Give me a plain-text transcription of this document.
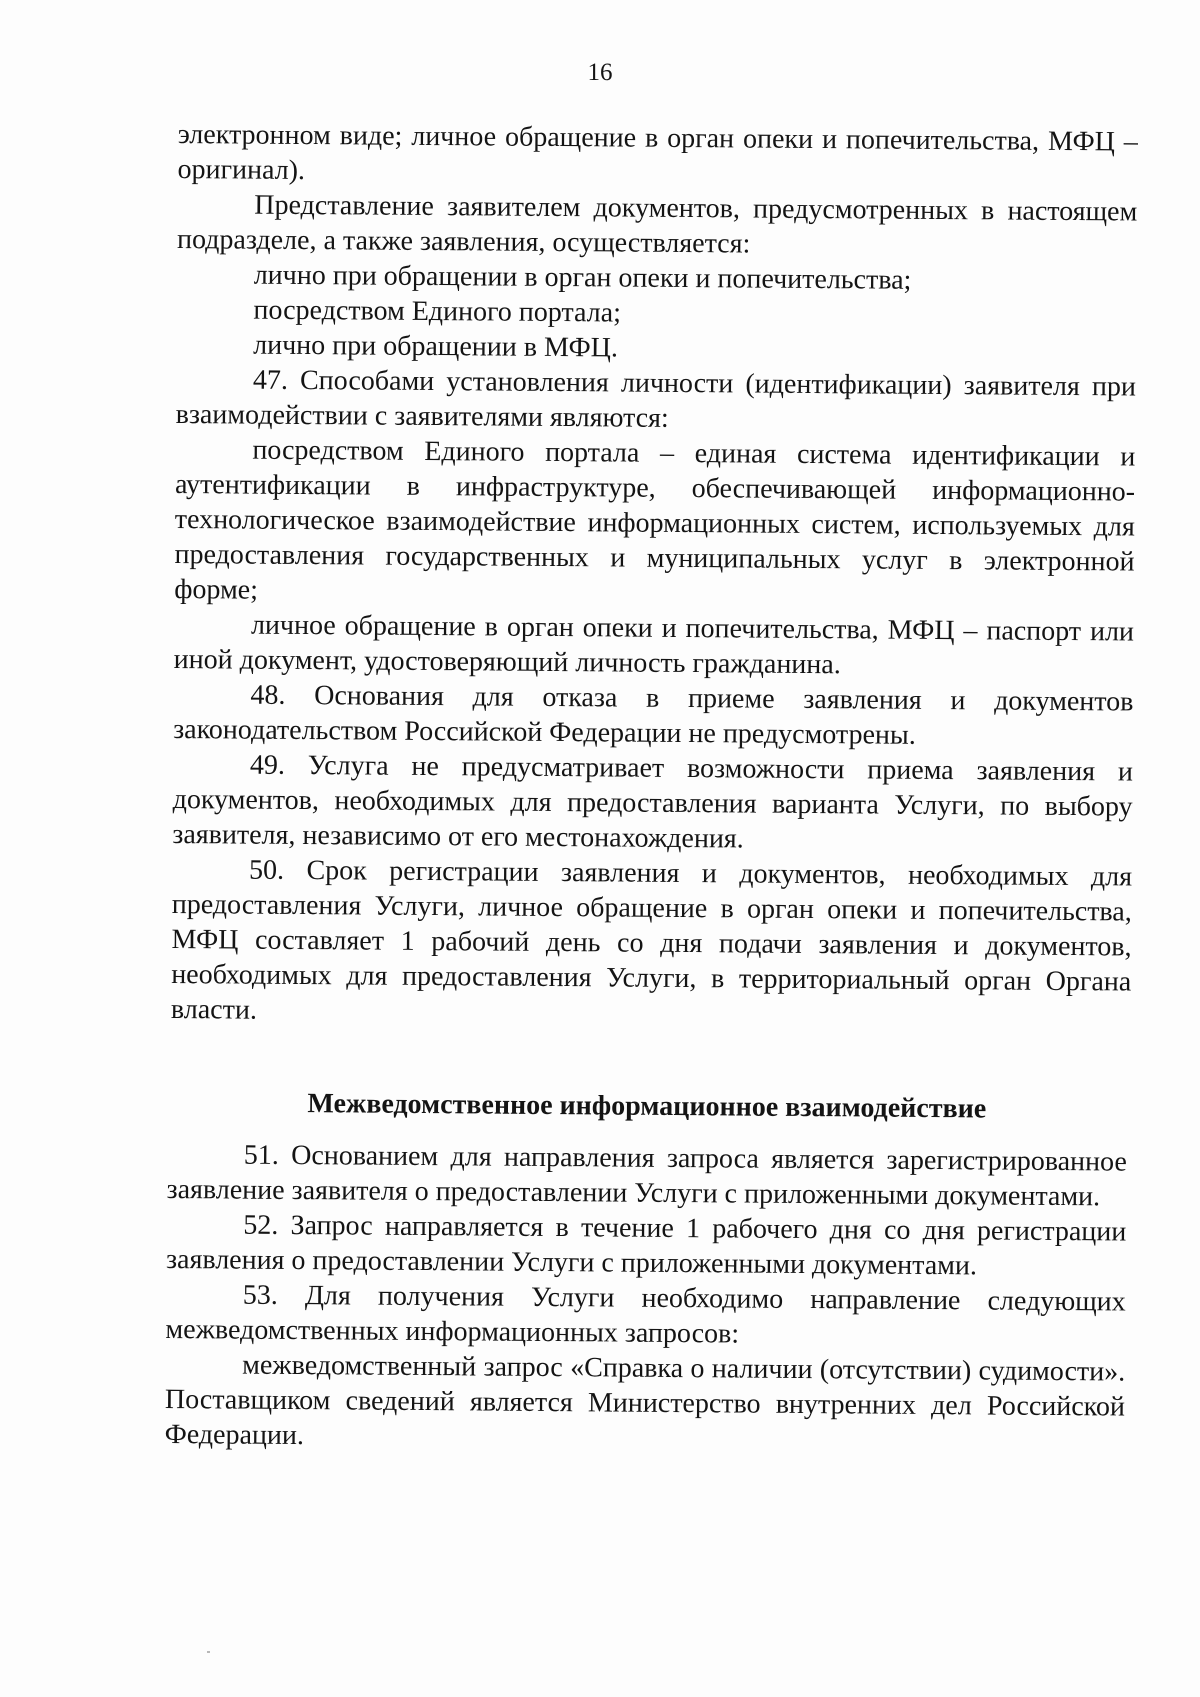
16

электронном виде; личное обращение в орган опеки и попечительства, МФЦ – оригинал).

Представление заявителем документов, предусмотренных в настоящем подразделе, а также заявления, осуществляется:

лично при обращении в орган опеки и попечительства;

посредством Единого портала;

лично при обращении в МФЦ.

47. Способами установления личности (идентификации) заявителя при взаимодействии с заявителями являются:

посредством Единого портала – единая система идентификации и аутентификации в инфраструктуре, обеспечивающей информационно-технологическое взаимодействие информационных систем, используемых для предоставления государственных и муниципальных услуг в электронной форме;

личное обращение в орган опеки и попечительства, МФЦ – паспорт или иной документ, удостоверяющий личность гражданина.

48. Основания для отказа в приеме заявления и документов законодательством Российской Федерации не предусмотрены.

49. Услуга не предусматривает возможности приема заявления и документов, необходимых для предоставления варианта Услуги, по выбору заявителя, независимо от его местонахождения.

50. Срок регистрации заявления и документов, необходимых для предоставления Услуги, личное обращение в орган опеки и попечительства, МФЦ составляет 1 рабочий день со дня подачи заявления и документов, необходимых для предоставления Услуги, в территориальный орган Органа власти.

Межведомственное информационное взаимодействие

51. Основанием для направления запроса является зарегистрированное заявление заявителя о предоставлении Услуги с приложенными документами.

52. Запрос направляется в течение 1 рабочего дня со дня регистрации заявления о предоставлении Услуги с приложенными документами.

53. Для получения Услуги необходимо направление следующих межведомственных информационных запросов:

межведомственный запрос «Справка о наличии (отсутствии) судимости». Поставщиком сведений является Министерство внутренних дел Российской Федерации.
